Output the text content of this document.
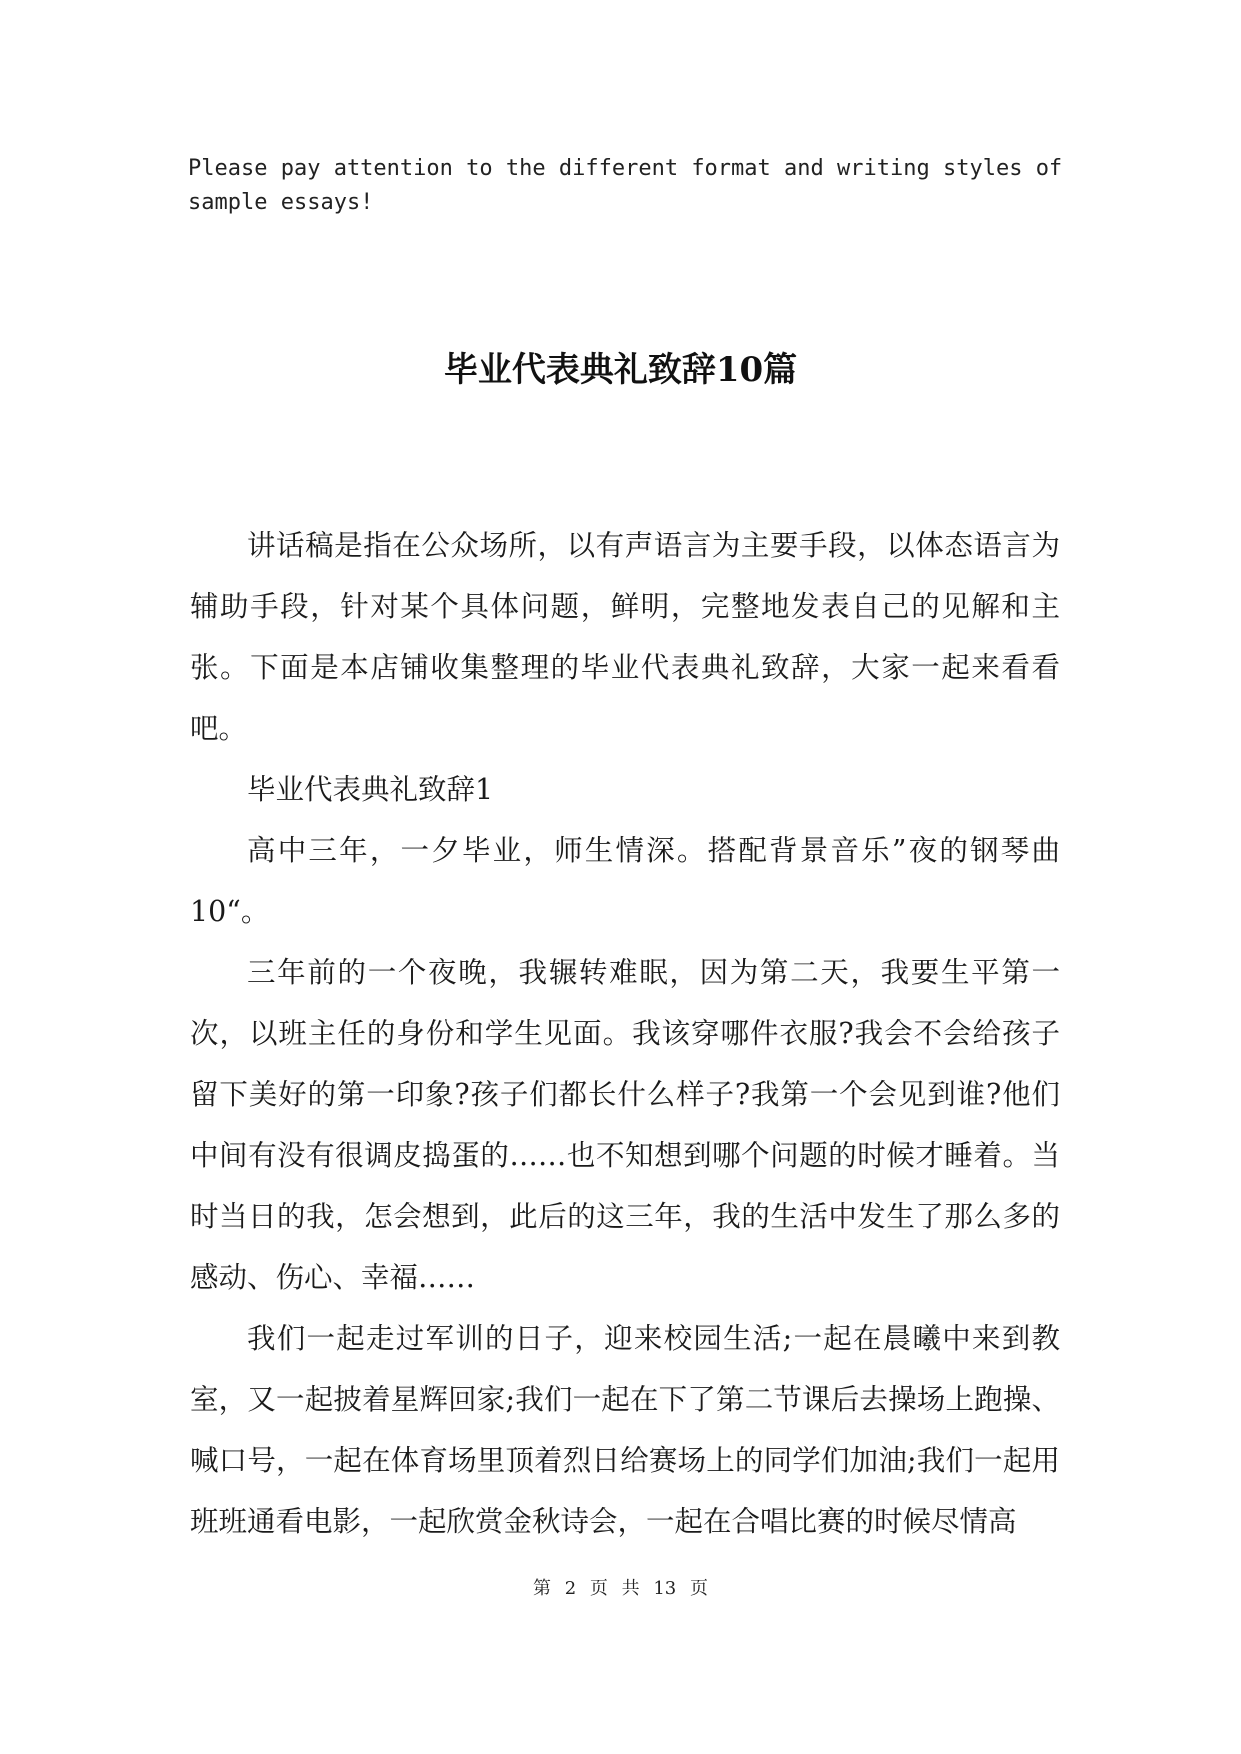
Please pay attention to the different format and writing styles of sample essays!

毕业代表典礼致辞10篇

讲话稿是指在公众场所，以有声语言为主要手段，以体态语言为辅助手段，针对某个具体问题，鲜明，完整地发表自己的见解和主张。下面是本店铺收集整理的毕业代表典礼致辞，大家一起来看看吧。

毕业代表典礼致辞1

高中三年，一夕毕业，师生情深。搭配背景音乐”夜的钢琴曲10“。

三年前的一个夜晚，我辗转难眠，因为第二天，我要生平第一次，以班主任的身份和学生见面。我该穿哪件衣服?我会不会给孩子留下美好的第一印象?孩子们都长什么样子?我第一个会见到谁?他们中间有没有很调皮捣蛋的……也不知想到哪个问题的时候才睡着。当时当日的我，怎会想到，此后的这三年，我的生活中发生了那么多的感动、伤心、幸福……

我们一起走过军训的日子，迎来校园生活;一起在晨曦中来到教室，又一起披着星辉回家;我们一起在下了第二节课后去操场上跑操、喊口号，一起在体育场里顶着烈日给赛场上的同学们加油;我们一起用班班通看电影，一起欣赏金秋诗会，一起在合唱比赛的时候尽情高

第 2 页 共 13 页
